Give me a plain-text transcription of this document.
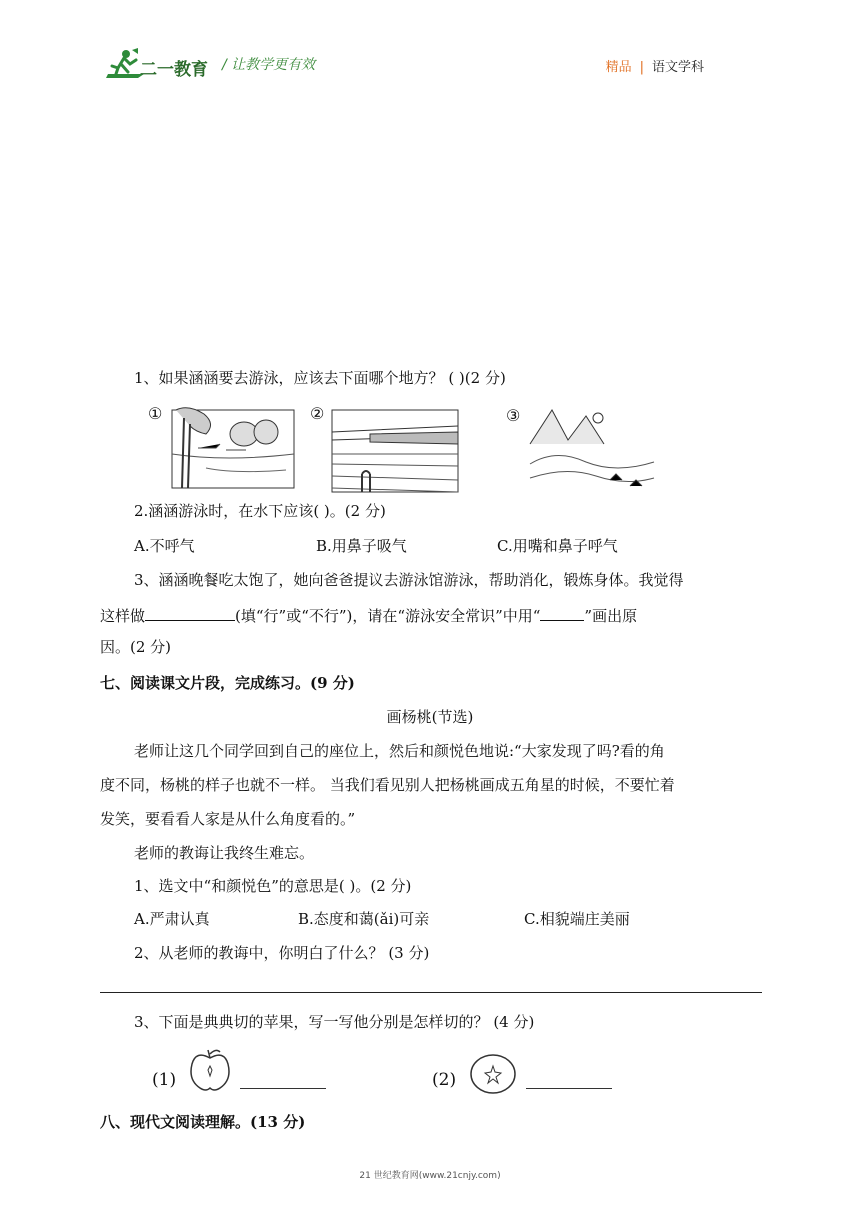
二一教育 / 让教学更有效	精品 | 语文学科
1、如果涵涵要去游泳，应该去下面哪个地方？ ( )(2 分)
①	②	③
2.涵涵游泳时，在水下应该( )。(2 分)
A.不呼气	B.用鼻子吸气	C.用嘴和鼻子呼气
3、涵涵晚餐吃太饱了，她向爸爸提议去游泳馆游泳，帮助消化，锻炼身体。我觉得
这样做	(填“行”或“不行”)，请在“游泳安全常识”中用“	”画出原
因。(2 分)
七、阅读课文片段，完成练习。(9 分)
画杨桃(节选)
老师让这几个同学回到自己的座位上，然后和颜悦色地说:“大家发现了吗?看的角
度不同，杨桃的样子也就不一样。 当我们看见别人把杨桃画成五角星的时候，不要忙着
发笑，要看看人家是从什么角度看的。”
老师的教诲让我终生难忘。
1、选文中“和颜悦色”的意思是( )。(2 分)
A.严肃认真	B.态度和蔼(ǎi)可亲	C.相貌端庄美丽
2、从老师的教诲中，你明白了什么？ (3 分)
3、下面是典典切的苹果，写一写他分别是怎样切的？ (4 分)
(1)	(2)
八、现代文阅读理解。(13 分)
21 世纪教育网(www.21cnjy.com)
